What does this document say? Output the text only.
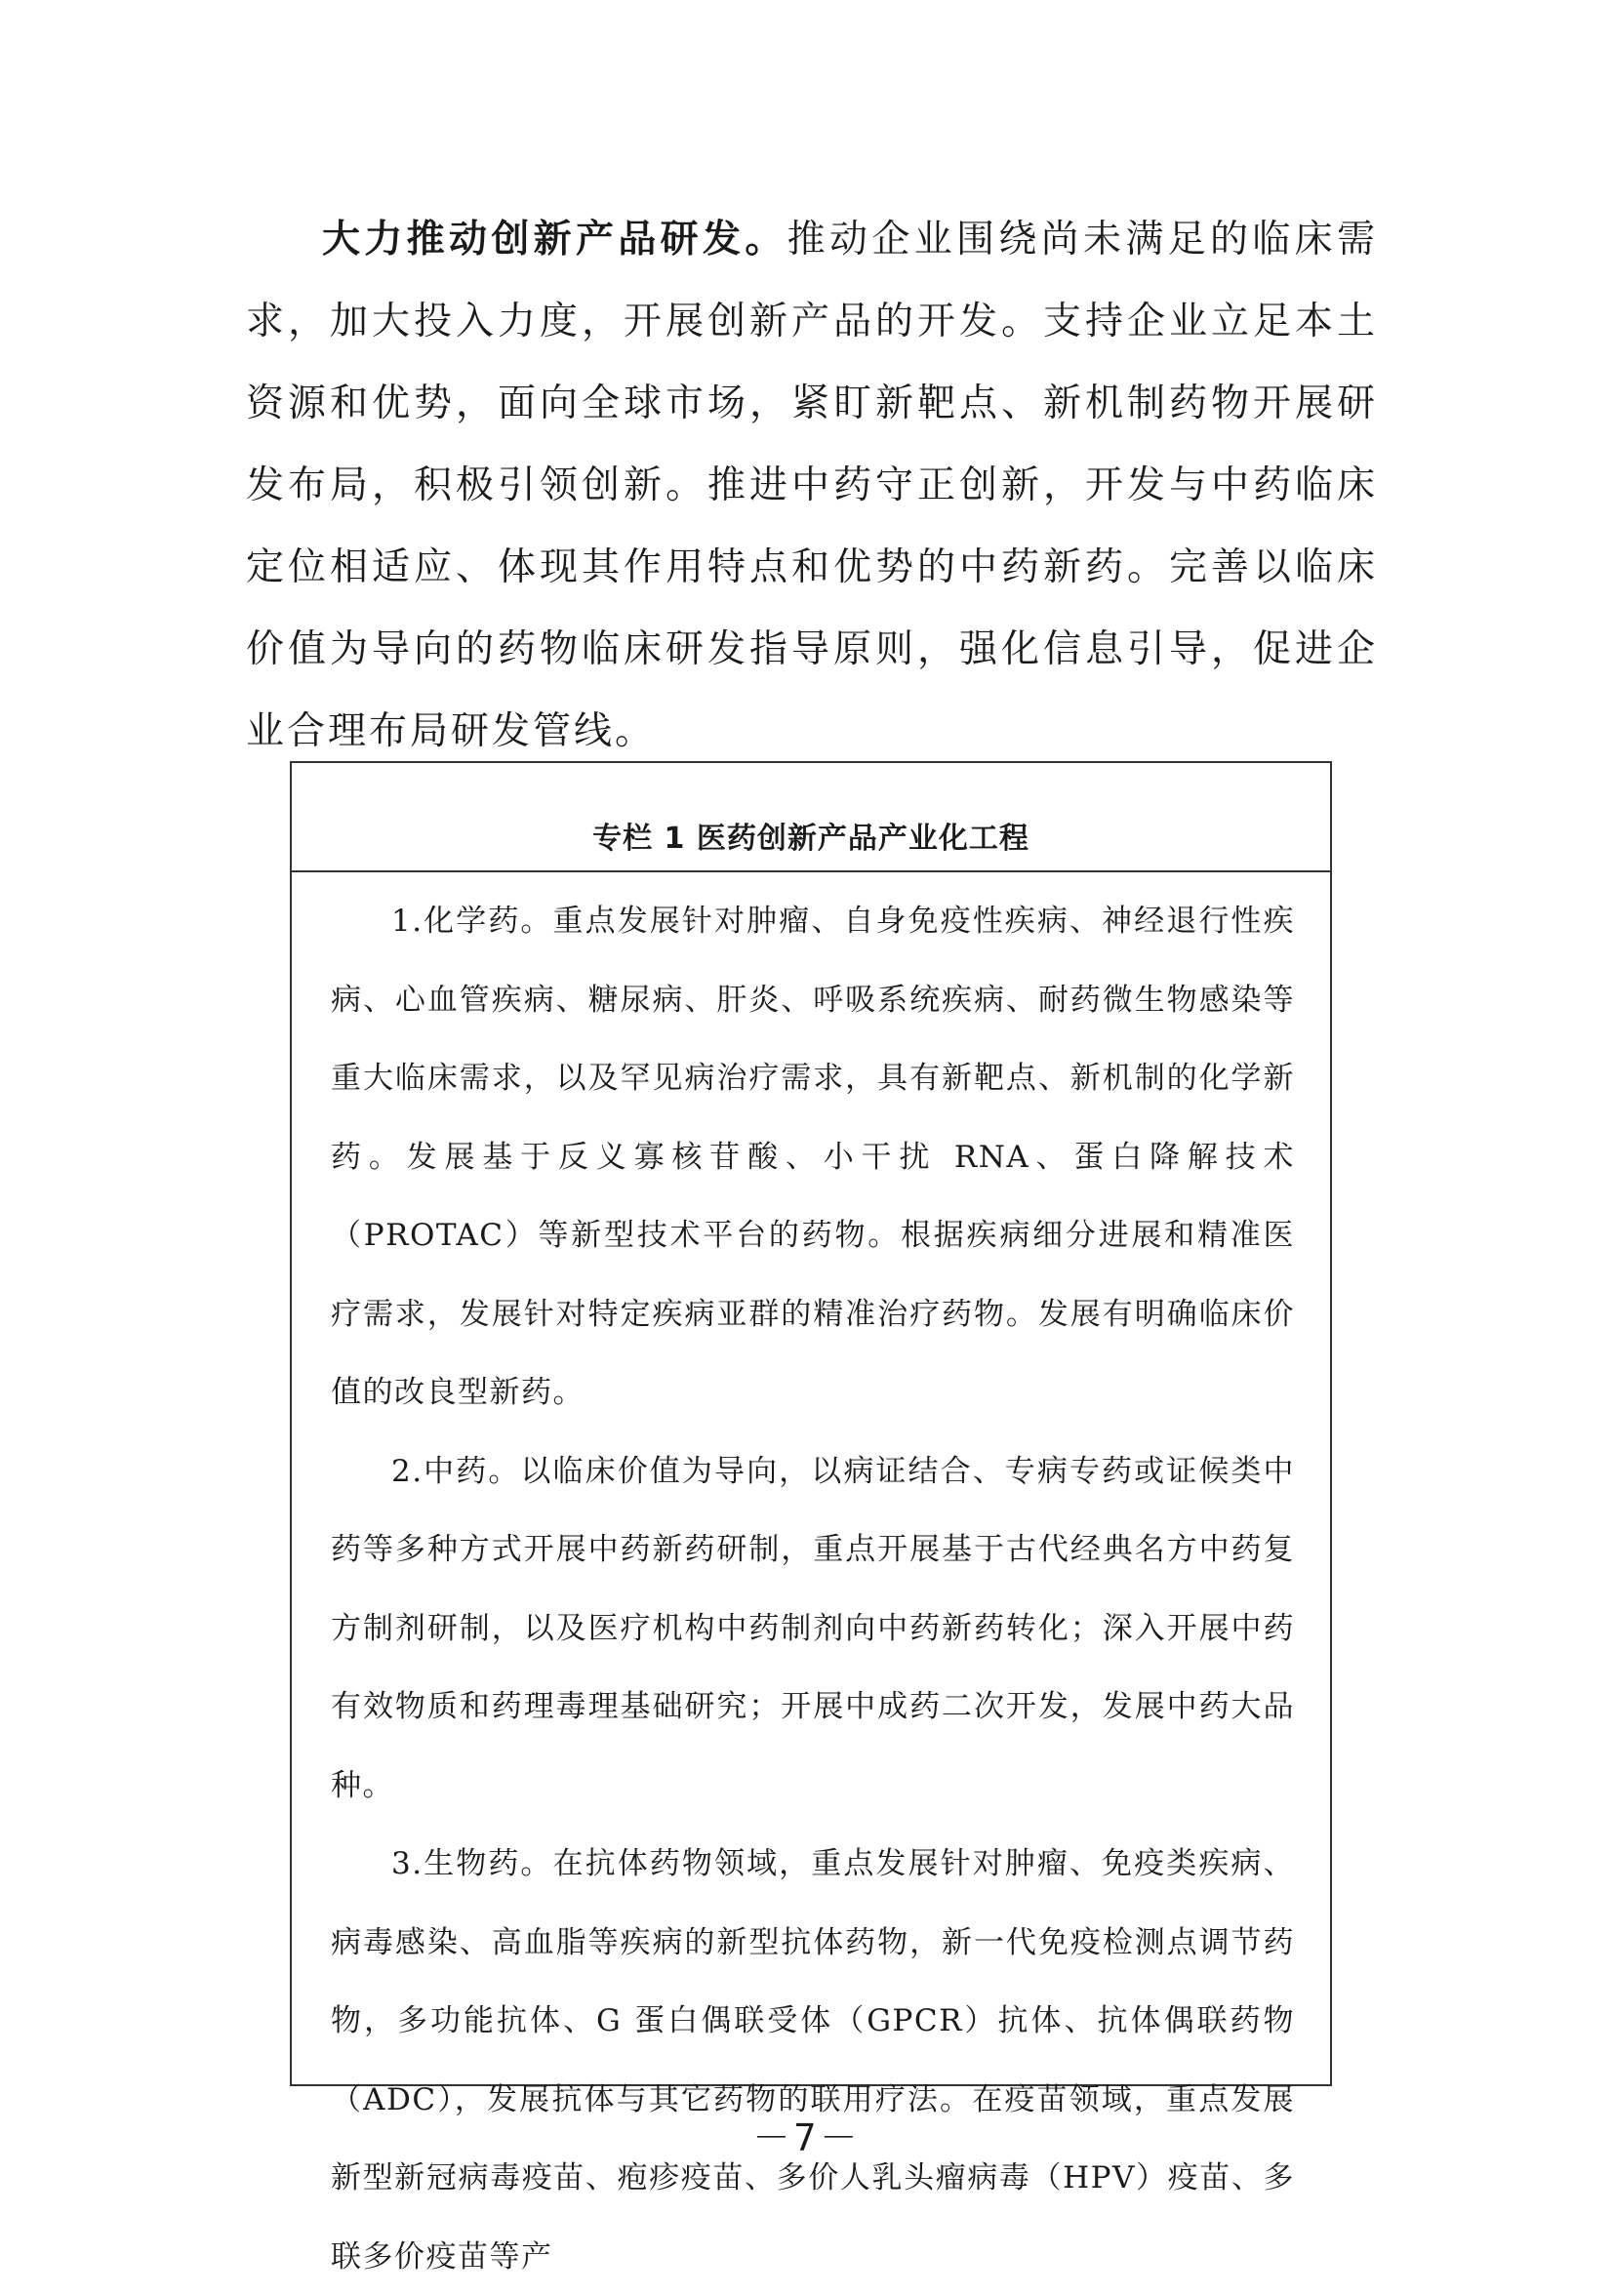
大力推动创新产品研发。推动企业围绕尚未满足的临床需求，加大投入力度，开展创新产品的开发。支持企业立足本土资源和优势，面向全球市场，紧盯新靶点、新机制药物开展研发布局，积极引领创新。推进中药守正创新，开发与中药临床定位相适应、体现其作用特点和优势的中药新药。完善以临床价值为导向的药物临床研发指导原则，强化信息引导，促进企业合理布局研发管线。

专栏 1 医药创新产品产业化工程

1.化学药。重点发展针对肿瘤、自身免疫性疾病、神经退行性疾病、心血管疾病、糖尿病、肝炎、呼吸系统疾病、耐药微生物感染等重大临床需求，以及罕见病治疗需求，具有新靶点、新机制的化学新药。发展基于反义寡核苷酸、小干扰 RNA、蛋白降解技术（PROTAC）等新型技术平台的药物。根据疾病细分进展和精准医疗需求，发展针对特定疾病亚群的精准治疗药物。发展有明确临床价值的改良型新药。

2.中药。以临床价值为导向，以病证结合、专病专药或证候类中药等多种方式开展中药新药研制，重点开展基于古代经典名方中药复方制剂研制，以及医疗机构中药制剂向中药新药转化；深入开展中药有效物质和药理毒理基础研究；开展中成药二次开发，发展中药大品种。

3.生物药。在抗体药物领域，重点发展针对肿瘤、免疫类疾病、病毒感染、高血脂等疾病的新型抗体药物，新一代免疫检测点调节药物，多功能抗体、G 蛋白偶联受体（GPCR）抗体、抗体偶联药物（ADC），发展抗体与其它药物的联用疗法。在疫苗领域，重点发展新型新冠病毒疫苗、疱疹疫苗、多价人乳头瘤病毒（HPV）疫苗、多联多价疫苗等产

－7－
